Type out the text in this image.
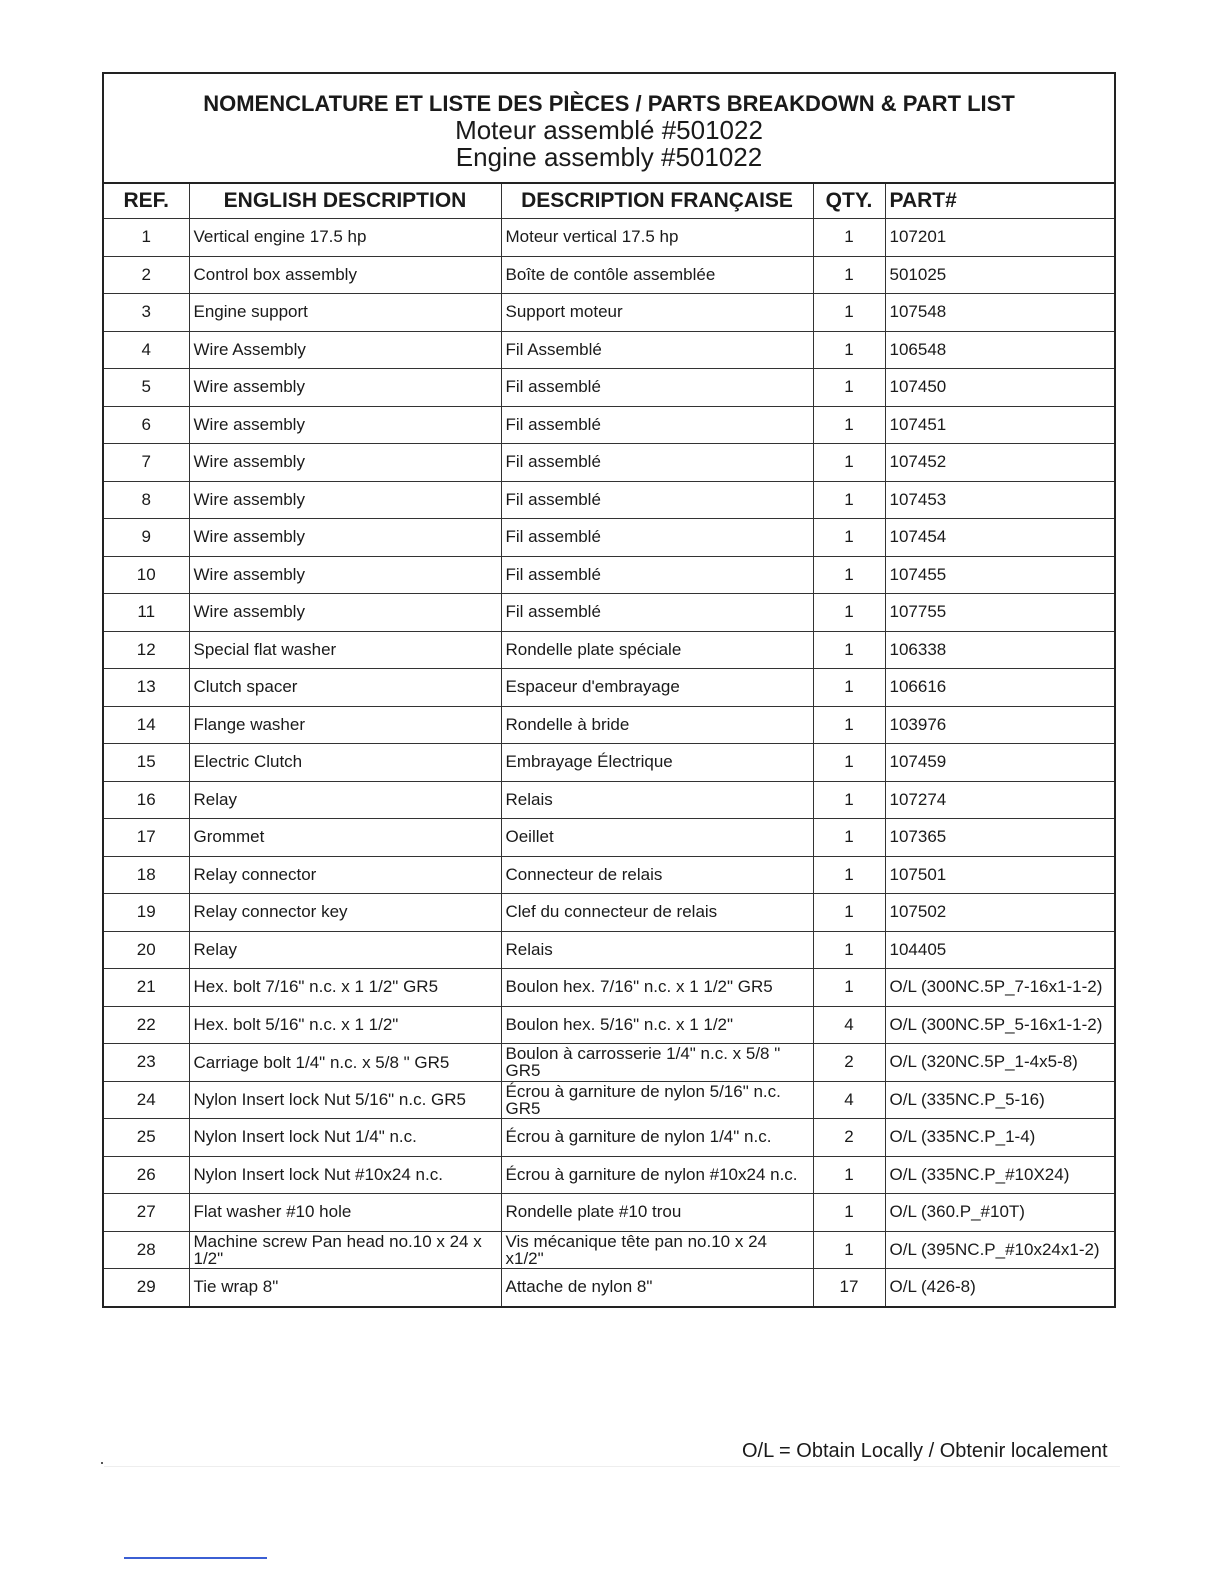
NOMENCLATURE ET LISTE DES PIÈCES / PARTS BREAKDOWN & PART LIST
Moteur assemblé #501022
Engine assembly #501022
REF.	ENGLISH DESCRIPTION	DESCRIPTION FRANÇAISE	QTY.	PART#
1	Vertical engine 17.5 hp	Moteur vertical 17.5 hp	1	107201
2	Control box assembly	Boîte de contôle assemblée	1	501025
3	Engine support	Support moteur	1	107548
4	Wire Assembly	Fil Assemblé	1	106548
5	Wire assembly	Fil assemblé	1	107450
6	Wire assembly	Fil assemblé	1	107451
7	Wire assembly	Fil assemblé	1	107452
8	Wire assembly	Fil assemblé	1	107453
9	Wire assembly	Fil assemblé	1	107454
10	Wire assembly	Fil assemblé	1	107455
11	Wire assembly	Fil assemblé	1	107755
12	Special flat washer	Rondelle plate spéciale	1	106338
13	Clutch spacer	Espaceur d'embrayage	1	106616
14	Flange washer	Rondelle à bride	1	103976
15	Electric Clutch	Embrayage Électrique	1	107459
16	Relay	Relais	1	107274
17	Grommet	Oeillet	1	107365
18	Relay connector	Connecteur de relais	1	107501
19	Relay connector key	Clef du connecteur de relais	1	107502
20	Relay	Relais	1	104405
21	Hex. bolt 7/16" n.c. x 1 1/2" GR5	Boulon hex. 7/16" n.c. x 1 1/2" GR5	1	O/L (300NC.5P_7-16x1-1-2)
22	Hex. bolt 5/16" n.c. x 1 1/2"	Boulon hex. 5/16" n.c. x 1 1/2"	4	O/L (300NC.5P_5-16x1-1-2)
23	Carriage bolt 1/4" n.c. x 5/8 " GR5	Boulon à carrosserie 1/4" n.c. x 5/8 " GR5	2	O/L (320NC.5P_1-4x5-8)
24	Nylon Insert lock Nut 5/16" n.c. GR5	Écrou à garniture de nylon 5/16" n.c. GR5	4	O/L (335NC.P_5-16)
25	Nylon Insert lock Nut 1/4" n.c.	Écrou à garniture de nylon 1/4" n.c.	2	O/L (335NC.P_1-4)
26	Nylon Insert lock Nut #10x24 n.c.	Écrou à garniture de nylon #10x24 n.c.	1	O/L (335NC.P_#10X24)
27	Flat washer #10 hole	Rondelle plate #10 trou	1	O/L (360.P_#10T)
28	Machine screw Pan head no.10 x 24 x 1/2"	Vis mécanique tête pan no.10 x 24 x1/2"	1	O/L (395NC.P_#10x24x1-2)
29	Tie wrap 8"	Attache de nylon 8"	17	O/L (426-8)
O/L = Obtain Locally / Obtenir localement
